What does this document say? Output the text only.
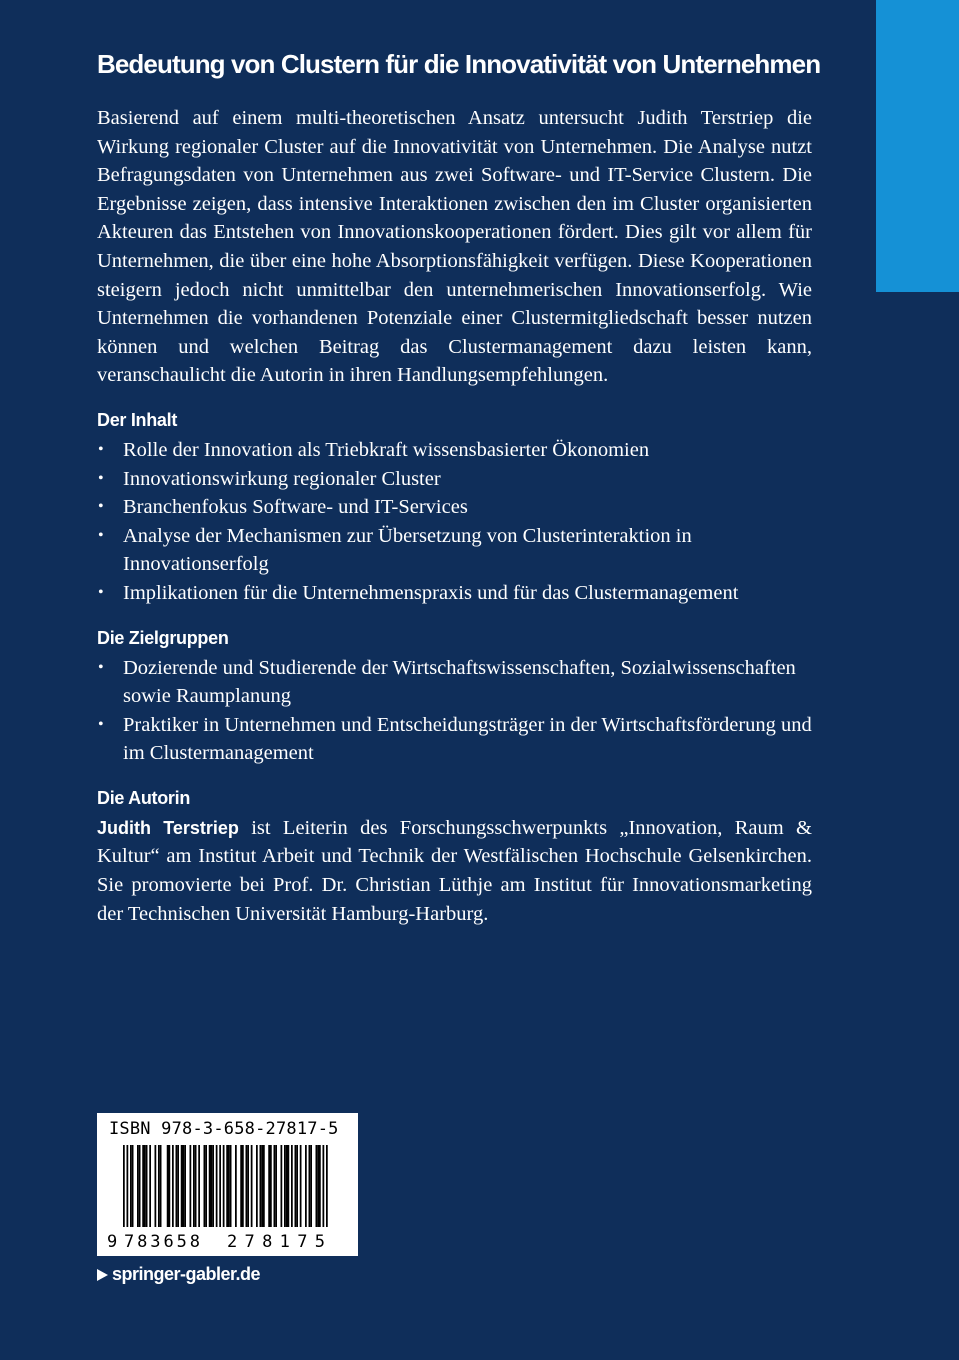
Bedeutung von Clustern für die Innovativität von Unternehmen

Basierend auf einem multi-theoretischen Ansatz untersucht Judith Terstriep die Wirkung regionaler Cluster auf die Innovativität von Unternehmen. Die Analyse nutzt Befragungsdaten von Unternehmen aus zwei Software- und IT-Service Clustern. Die Ergebnisse zeigen, dass intensive Interaktionen zwischen den im Cluster organisierten Akteuren das Entstehen von Innovationskooperationen fördert. Dies gilt vor allem für Unternehmen, die über eine hohe Absorptionsfähigkeit verfügen. Diese Kooperationen steigern jedoch nicht unmittelbar den unternehmerischen Innovationserfolg. Wie Unternehmen die vorhandenen Potenziale einer Clustermitgliedschaft besser nutzen können und welchen Beitrag das Clustermanagement dazu leisten kann, veranschaulicht die Autorin in ihren Handlungsempfehlungen.

Der Inhalt
• Rolle der Innovation als Triebkraft wissensbasierter Ökonomien
• Innovationswirkung regionaler Cluster
• Branchenfokus Software- und IT-Services
• Analyse der Mechanismen zur Übersetzung von Clusterinteraktion in Innovationserfolg
• Implikationen für die Unternehmenspraxis und für das Clustermanagement
Die Zielgruppen
• Dozierende und Studierende der Wirtschaftswissenschaften, Sozialwissenschaften sowie Raumplanung
• Praktiker in Unternehmen und Entscheidungsträger in der Wirtschaftsförderung und im Clustermanagement
Die Autorin

Judith Terstriep ist Leiterin des Forschungsschwerpunkts „Innovation, Raum & Kultur“ am Institut Arbeit und Technik der Westfälischen Hochschule Gelsenkirchen. Sie promovierte bei Prof. Dr. Christian Lüthje am Institut für Innovationsmarketing der Technischen Universität Hamburg-Harburg.

9 783658 278175
ISBN 978-3-658-27817-5
springer-gabler.de
